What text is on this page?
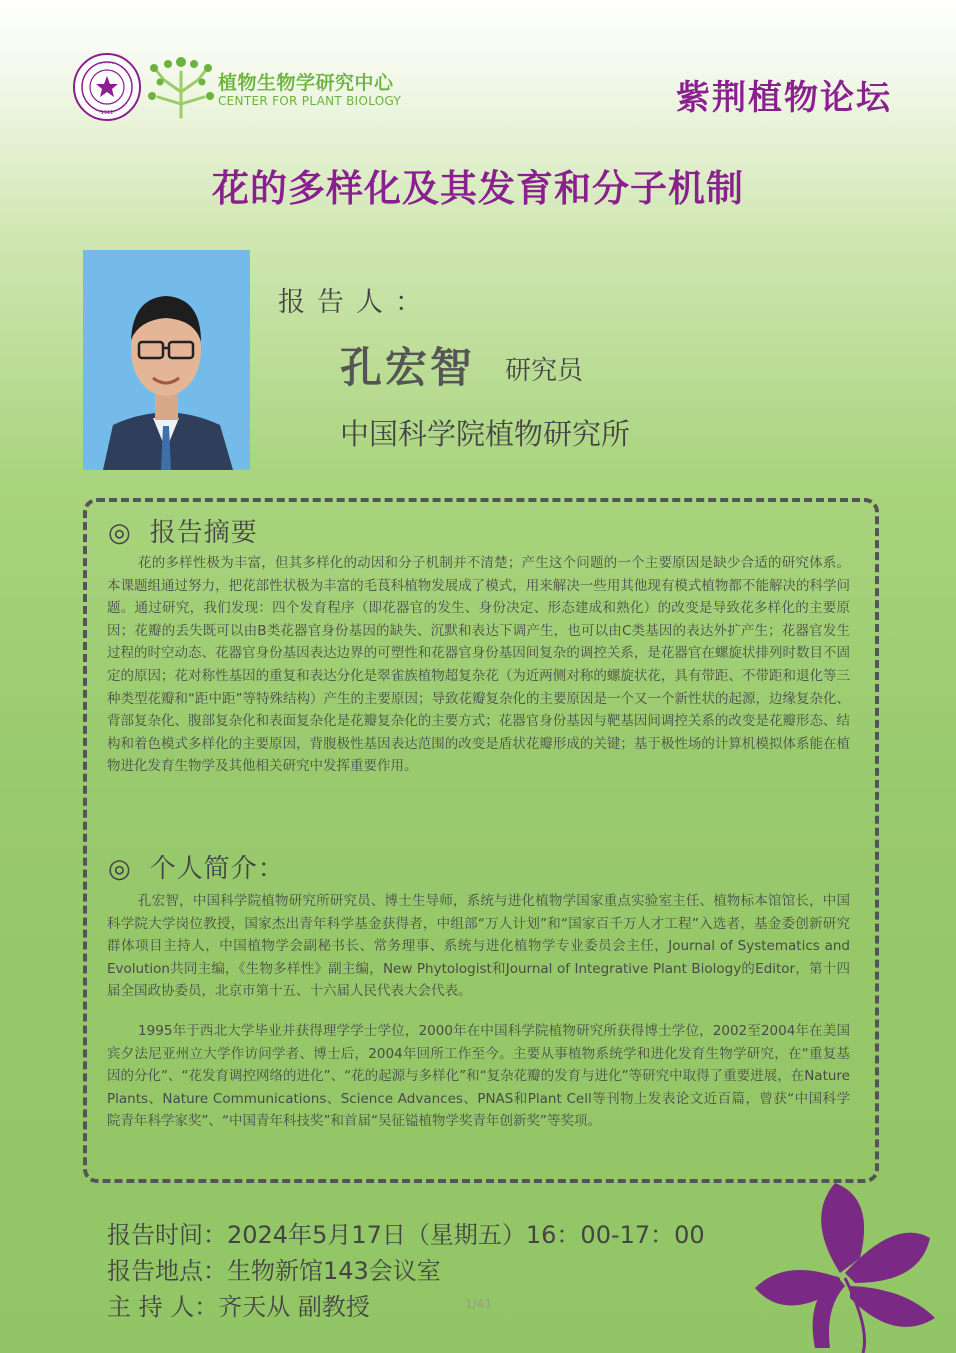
· · · ·
·1911·
植物生物学研究中心
CENTER FOR PLANT BIOLOGY	紫荆植物论坛
花的多样化及其发育和分子机制
报告人：
孔宏智 研究员
中国科学院植物研究所
◎ 报告摘要
花的多样性极为丰富，但其多样化的动因和分子机制并不清楚；产生这个问题的一个主要原因是缺少合适的研究体系。本课题组通过努力，把花部性状极为丰富的毛茛科植物发展成了模式，用来解决一些用其他现有模式植物都不能解决的科学问题。通过研究，我们发现：四个发育程序（即花器官的发生、身份决定、形态建成和熟化）的改变是导致花多样化的主要原因；花瓣的丢失既可以由B类花器官身份基因的缺失、沉默和表达下调产生，也可以由C类基因的表达外扩产生；花器官发生过程的时空动态、花器官身份基因表达边界的可塑性和花器官身份基因间复杂的调控关系，是花器官在螺旋状排列时数目不固定的原因；花对称性基因的重复和表达分化是翠雀族植物超复杂花（为近两侧对称的螺旋状花，具有带距、不带距和退化等三种类型花瓣和“距中距”等特殊结构）产生的主要原因；导致花瓣复杂化的主要原因是一个又一个新性状的起源，边缘复杂化、背部复杂化、腹部复杂化和表面复杂化是花瓣复杂化的主要方式；花器官身份基因与靶基因间调控关系的改变是花瓣形态、结构和着色模式多样化的主要原因，背腹极性基因表达范围的改变是盾状花瓣形成的关键；基于极性场的计算机模拟体系能在植物进化发育生物学及其他相关研究中发挥重要作用。
◎ 个人简介：
孔宏智，中国科学院植物研究所研究员、博士生导师，系统与进化植物学国家重点实验室主任、植物标本馆馆长，中国科学院大学岗位教授，国家杰出青年科学基金获得者，中组部“万人计划”和“国家百千万人才工程”入选者，基金委创新研究群体项目主持人，中国植物学会副秘书长、常务理事、系统与进化植物学专业委员会主任，Journal of Systematics and Evolution共同主编，《生物多样性》副主编，New Phytologist和Journal of Integrative Plant Biology的Editor，第十四届全国政协委员，北京市第十五、十六届人民代表大会代表。
1995年于西北大学毕业并获得理学学士学位，2000年在中国科学院植物研究所获得博士学位，2002至2004年在美国宾夕法尼亚州立大学作访问学者、博士后，2004年回所工作至今。主要从事植物系统学和进化发育生物学研究，在“重复基因的分化”、“花发育调控网络的进化”、“花的起源与多样化”和“复杂花瓣的发育与进化”等研究中取得了重要进展，在Nature Plants、Nature Communications、Science Advances、PNAS和Plant Cell等刊物上发表论文近百篇，曾获“中国科学院青年科学家奖”、“中国青年科技奖”和首届“吴征镒植物学奖青年创新奖”等奖项。
报告时间：2024年5月17日（星期五）16：00-17：00
报告地点：生物新馆143会议室
主 持 人：齐天从 副教授	1/41
